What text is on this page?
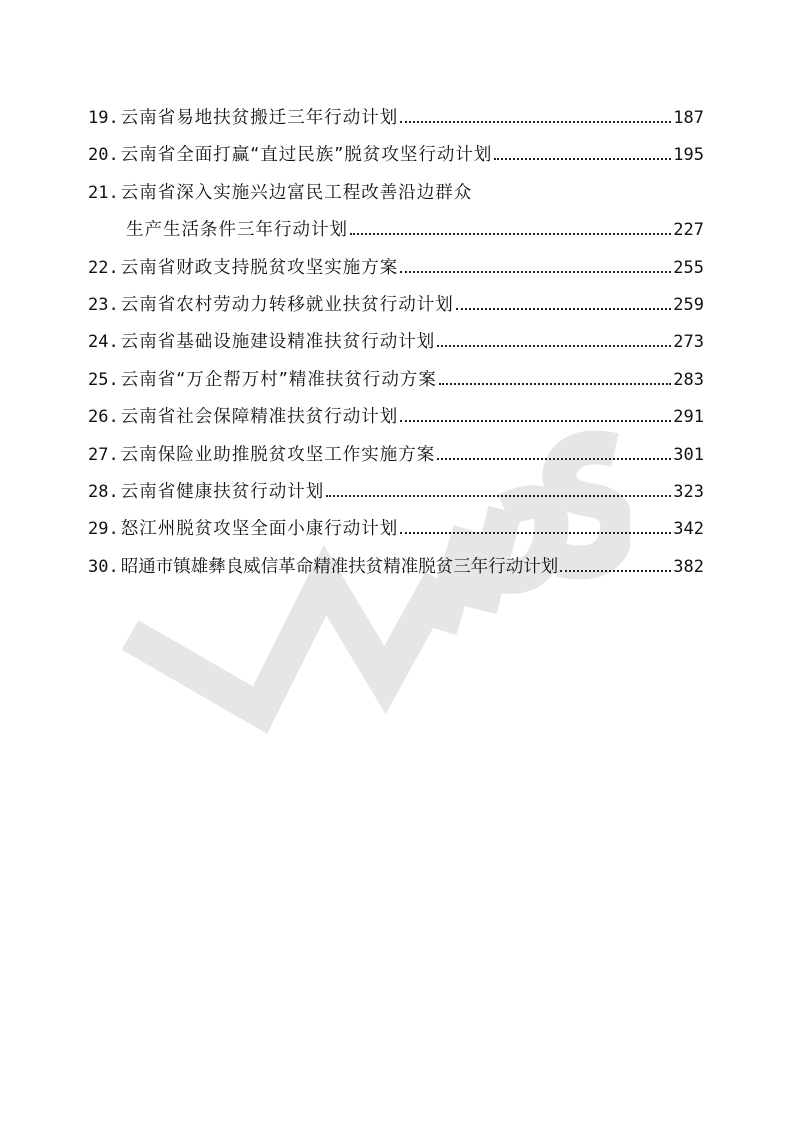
19. 云南省易地扶贫搬迁三年行动计划	187
20. 云南省全面打赢“直过民族”脱贫攻坚行动计划	195
21. 云南省深入实施兴边富民工程改善沿边群众
生产生活条件三年行动计划	227
22. 云南省财政支持脱贫攻坚实施方案	255
23. 云南省农村劳动力转移就业扶贫行动计划	259
24. 云南省基础设施建设精准扶贫行动计划	273
25. 云南省“万企帮万村”精准扶贫行动方案	283
26. 云南省社会保障精准扶贫行动计划	291
27. 云南保险业助推脱贫攻坚工作实施方案	301
28. 云南省健康扶贫行动计划	323
29. 怒江州脱贫攻坚全面小康行动计划	342
30. 昭通市镇雄彝良威信革命精准扶贫精准脱贫三年行动计划	382
